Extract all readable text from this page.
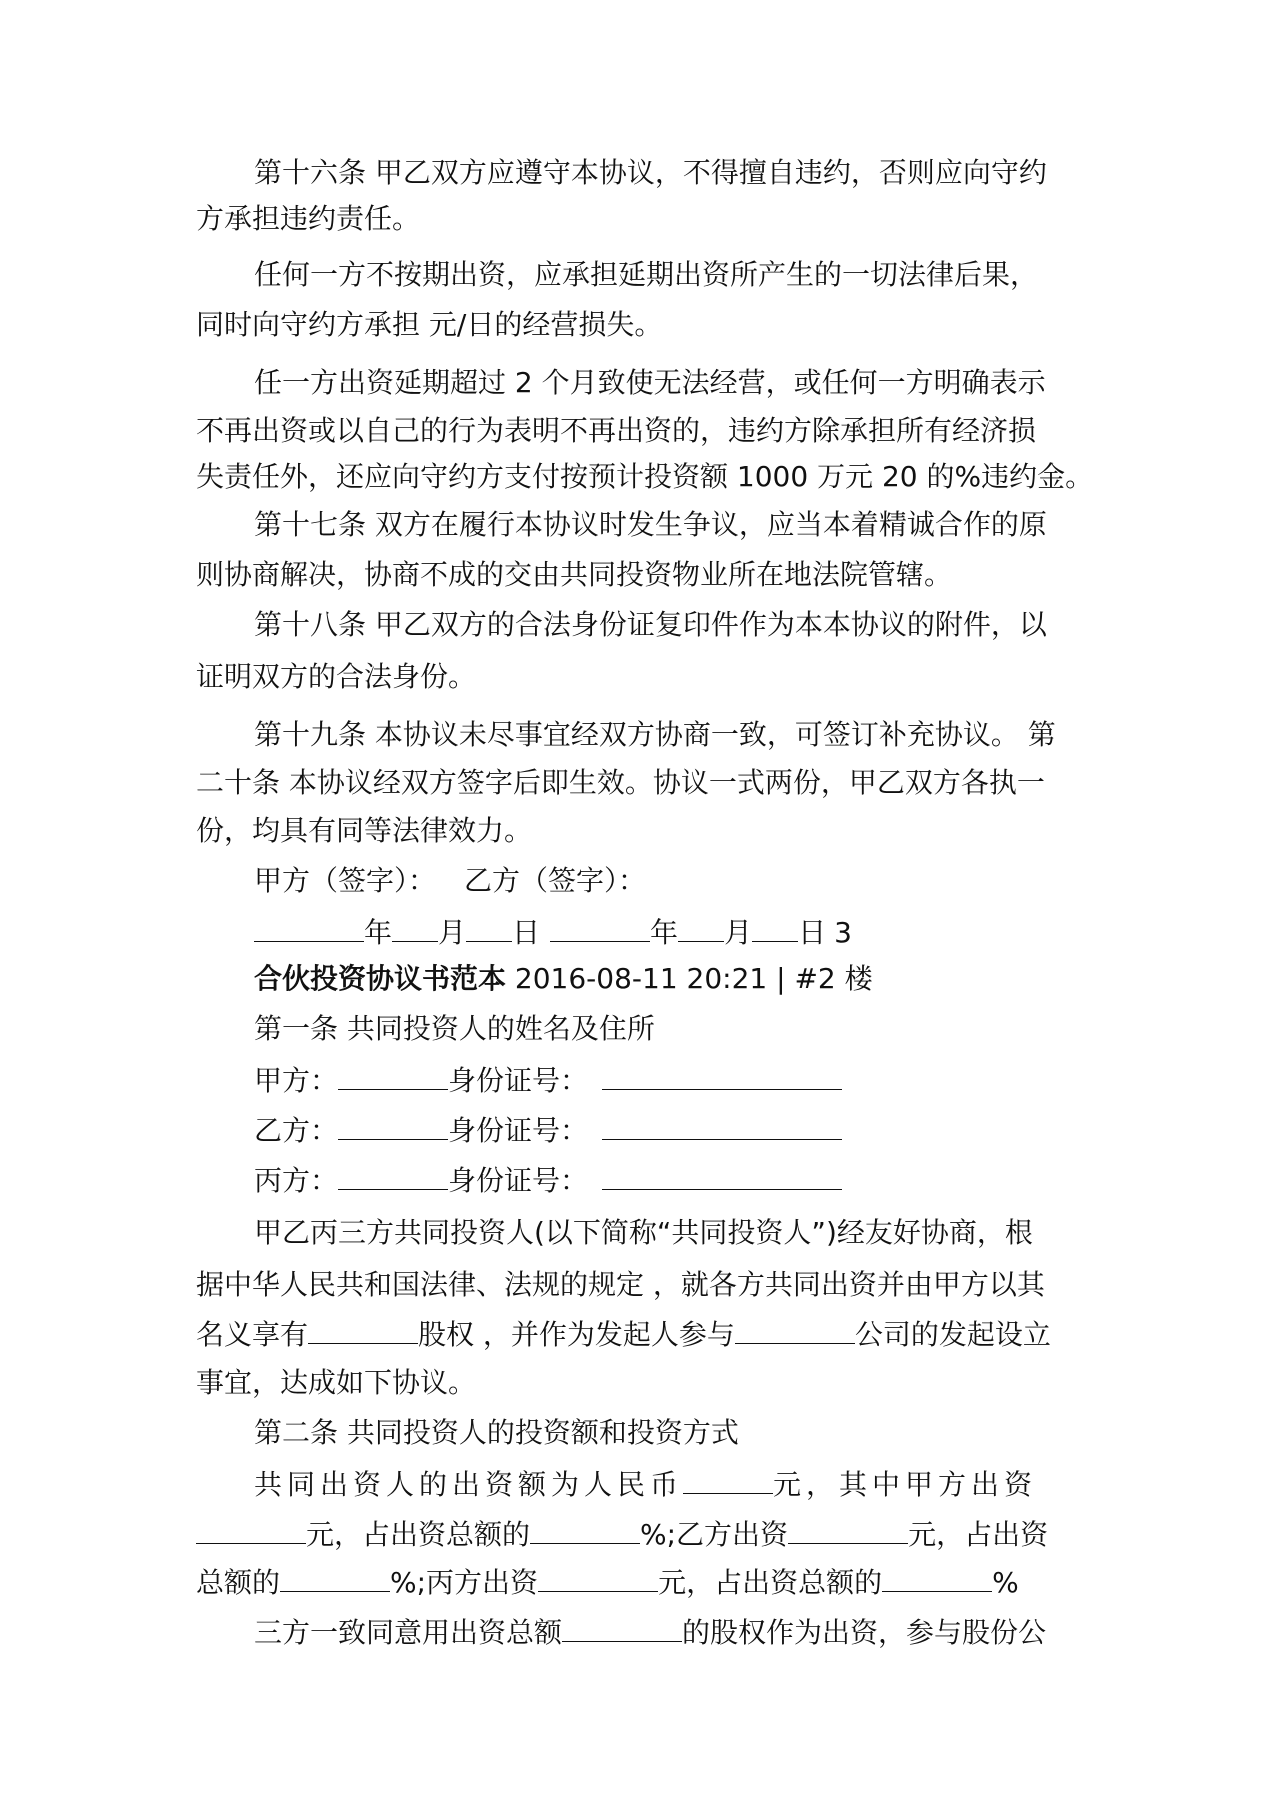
第十六条 甲乙双方应遵守本协议，不得擅自违约，否则应向守约
方承担违约责任。
任何一方不按期出资，应承担延期出资所产生的一切法律后果，
同时向守约方承担 元/日的经营损失。
任一方出资延期超过 2 个月致使无法经营，或任何一方明确表示
不再出资或以自己的行为表明不再出资的，违约方除承担所有经济损
失责任外，还应向守约方支付按预计投资额 1000 万元 20 的%违约金。
第十七条 双方在履行本协议时发生争议，应当本着精诚合作的原
则协商解决，协商不成的交由共同投资物业所在地法院管辖。
第十八条 甲乙双方的合法身份证复印件作为本本协议的附件，以
证明双方的合法身份。
第十九条 本协议未尽事宜经双方协商一致，可签订补充协议。 第
二十条 本协议经双方签字后即生效。协议一式两份，甲乙双方各执一
份，均具有同等法律效力。
甲方（签字）： 乙方（签字）：
年 月 日	年 月 日 3
合伙投资协议书范本 2016-08-11 20:21 | #2 楼
第一条 共同投资人的姓名及住所
甲方：	身份证号：
乙方：	身份证号：
丙方：	身份证号：
甲乙丙三方共同投资人(以下简称“共同投资人”)经友好协商，根
据中华人民共和国法律、法规的规定 ，就各方共同出资并由甲方以其
名义享有	股权 ，并作为发起人参与	公司的发起设立
事宜，达成如下协议。
第二条 共同投资人的投资额和投资方式
共同出资人的出资额为人民币	元，其中甲方出资
元，占出资总额的	%;乙方出资	元，占出资
总额的	%;丙方出资	元，占出资总额的	%
三方一致同意用出资总额	的股权作为出资，参与股份公
